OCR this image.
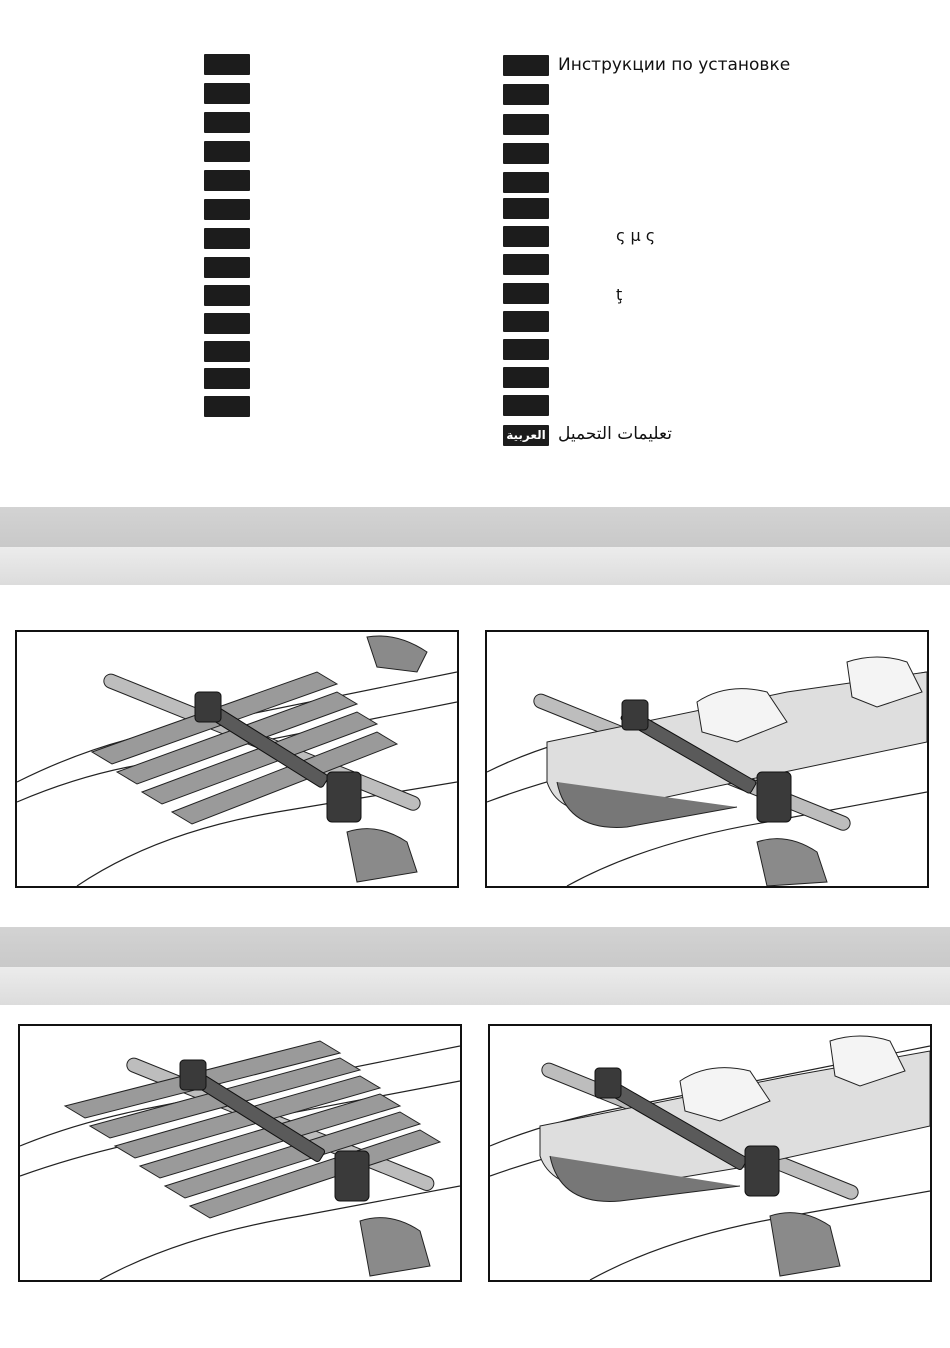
Инструкции по установке
ς µ ς
ţ
العربية تعليمات التحميل
